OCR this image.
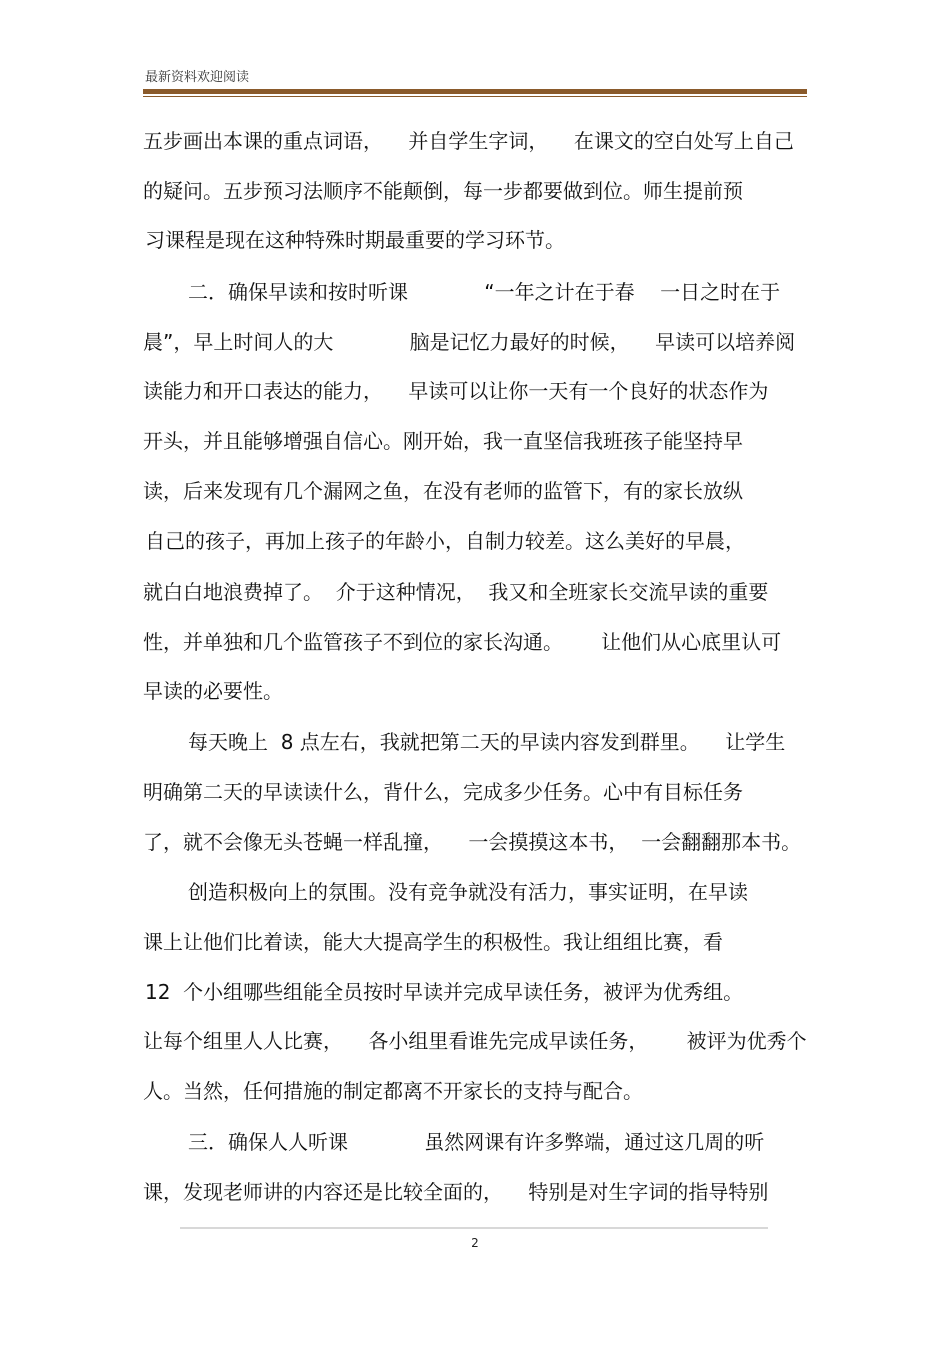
最新资料欢迎阅读
五步画出本课的重点词语，    并自学生字词，    在课文的空白处写上自己
的疑问。五步预习法顺序不能颠倒，每一步都要做到位。师生提前预
习课程是现在这种特殊时期最重要的学习环节。
二．确保早读和按时听课            “一年之计在于春    一日之时在于
晨”，早上时间人的大            脑是记忆力最好的时候，    早读可以培养阅
读能力和开口表达的能力，    早读可以让你一天有一个良好的状态作为
开头，并且能够增强自信心。刚开始，我一直坚信我班孩子能坚持早
读，后来发现有几个漏网之鱼，在没有老师的监管下，有的家长放纵
自己的孩子，再加上孩子的年龄小，自制力较差。这么美好的早晨，
就白白地浪费掉了。  介于这种情况，  我又和全班家长交流早读的重要
性，并单独和几个监管孩子不到位的家长沟通。      让他们从心底里认可
早读的必要性。
每天晚上  8 点左右，我就把第二天的早读内容发到群里。    让学生
明确第二天的早读读什么，背什么，完成多少任务。心中有目标任务
了，就不会像无头苍蝇一样乱撞，    一会摸摸这本书，  一会翻翻那本书。
创造积极向上的氛围。没有竞争就没有活力，事实证明，在早读
课上让他们比着读，能大大提高学生的积极性。我让组组比赛，看
12  个小组哪些组能全员按时早读并完成早读任务，被评为优秀组。
让每个组里人人比赛，    各小组里看谁先完成早读任务，      被评为优秀个
人。当然，任何措施的制定都离不开家长的支持与配合。
三．确保人人听课            虽然网课有许多弊端，通过这几周的听
课，发现老师讲的内容还是比较全面的，    特别是对生字词的指导特别
2
